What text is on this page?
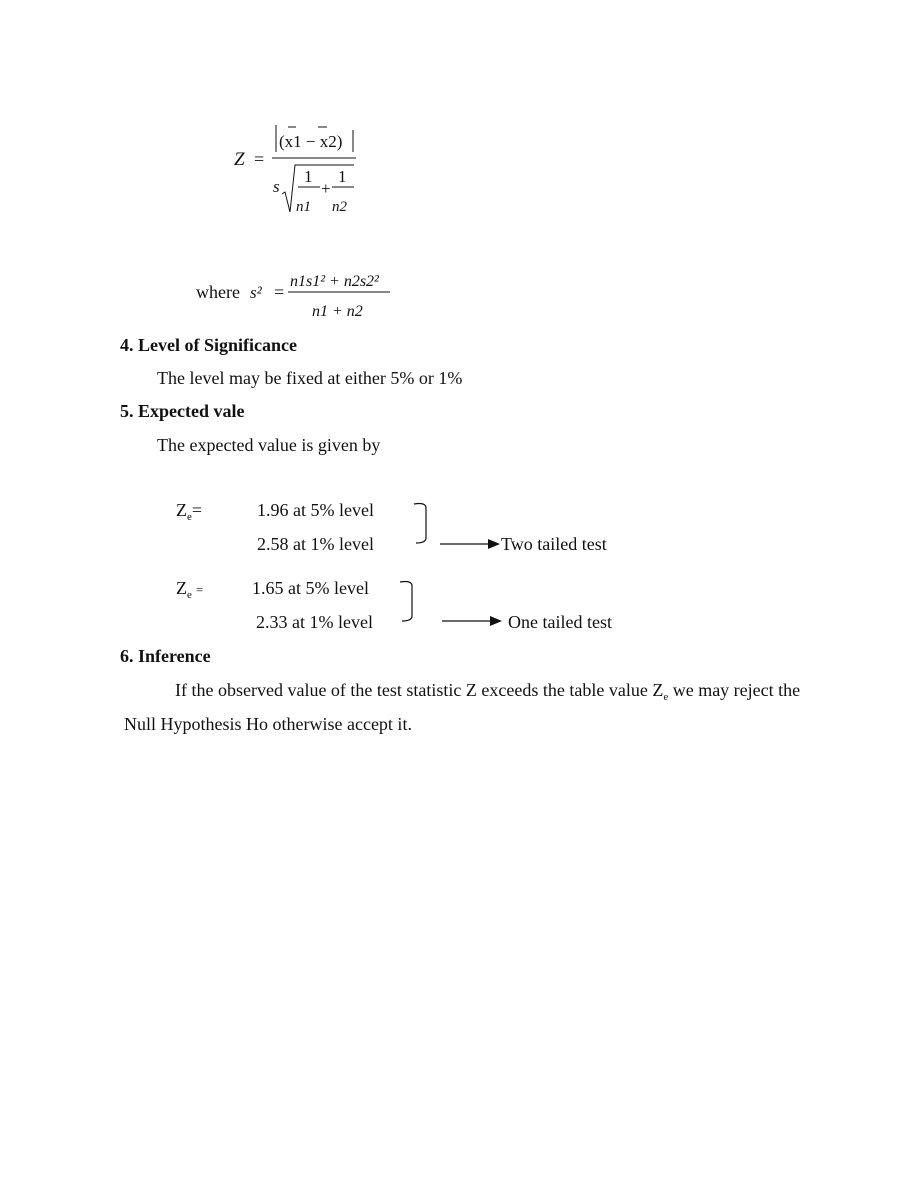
Z =
(x1 − x2)
s
1
n1
+
1
n2
where s² =
n1s1² + n2s2²
n1 + n2
4. Level of Significance
The level may be fixed at either 5% or 1%
5. Expected vale
The expected value is given by
$Z_e=$	1.96 at 5% level
2.58 at 1% level	Two tailed test
$Z_e$ =	1.65 at 5% level
2.33 at 1% level	One tailed test
6. Inference
If the observed value of the test statistic Z exceeds the table value $Z_e$ we may reject the
Null Hypothesis Ho otherwise accept it.
